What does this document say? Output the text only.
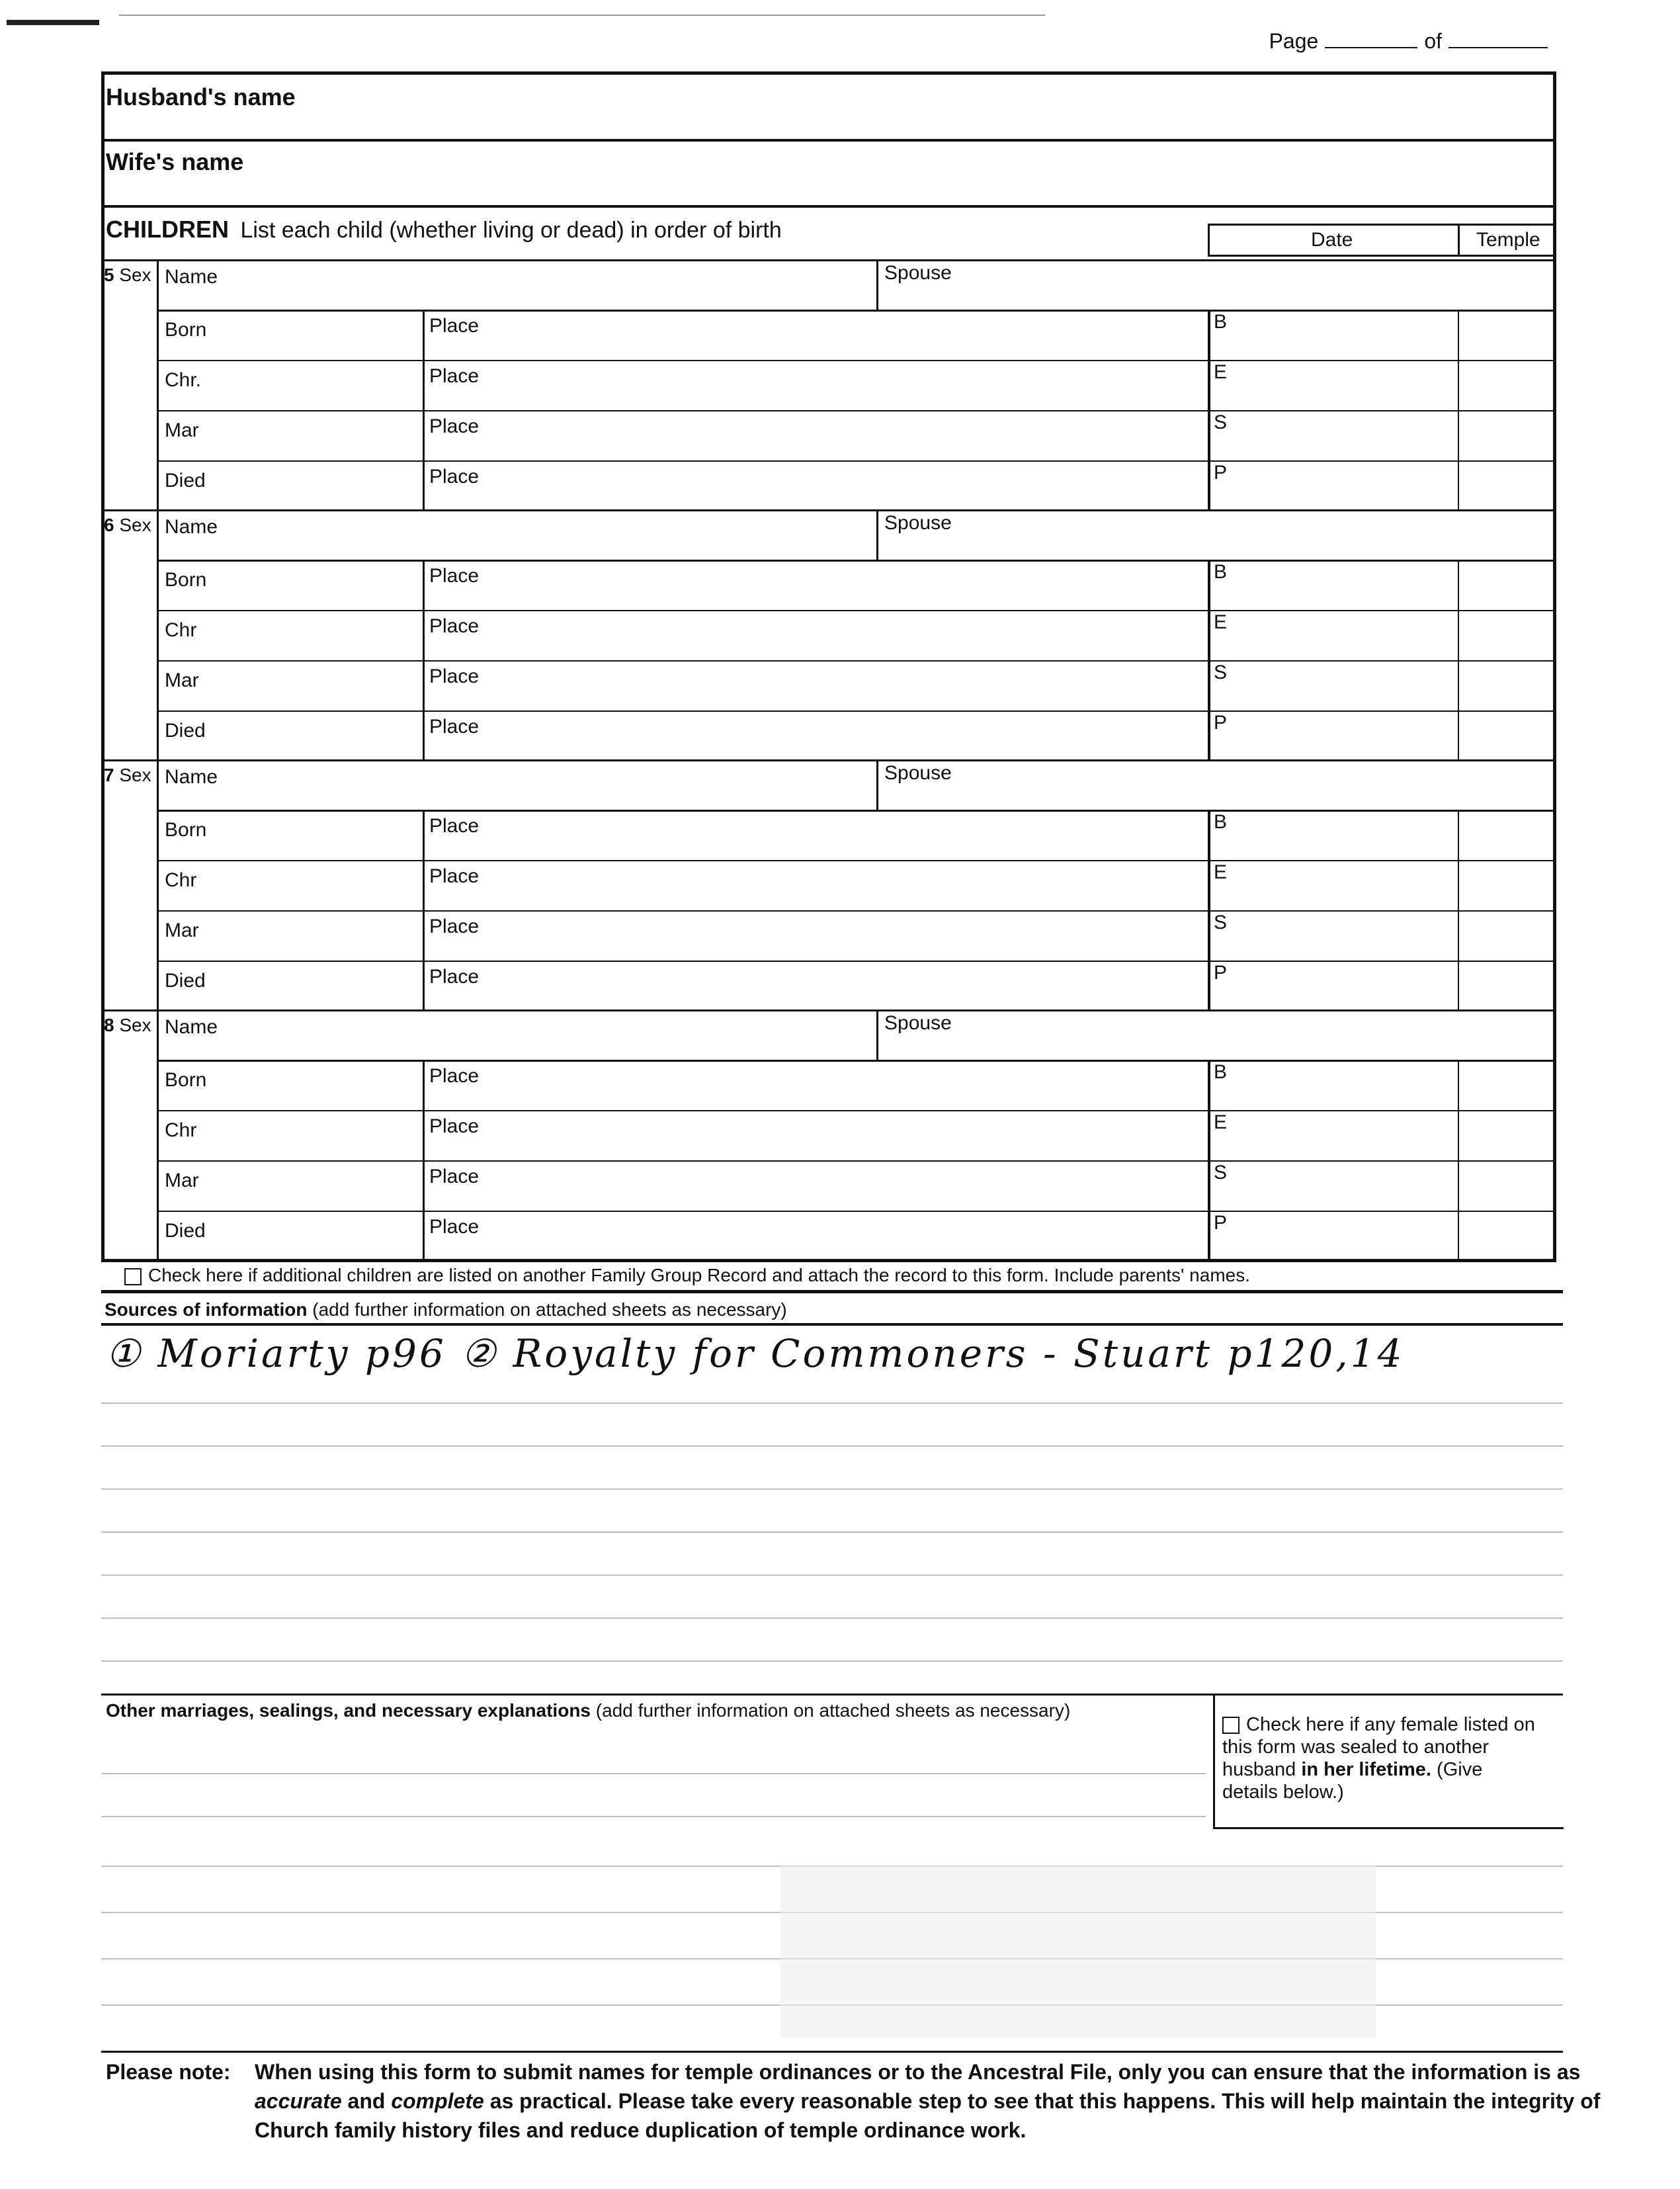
Page	of
Husband's name
Wife's name
CHILDREN List each child (whether living or dead) in order of birth	Date	Temple
5 Sex Name	Spouse
Born	Place	B
Chr.	Place	E
Mar	Place	S
Died	Place	P
6 Sex Name	Spouse
Born	Place	B
Chr	Place	E
Mar	Place	S
Died	Place	P
7 Sex Name	Spouse
Born	Place	B
Chr	Place	E
Mar	Place	S
Died	Place	P
8 Sex Name	Spouse
Born	Place	B
Chr	Place	E
Mar	Place	S
Died	Place	P
Check here if additional children are listed on another Family Group Record and attach the record to this form. Include parents' names.
Sources of information (add further information on attached sheets as necessary)
① Moriarty p96 ② Royalty for Commoners - Stuart p120,14
Other marriages, sealings, and necessary explanations (add further information on attached sheets as necessary)
Check here if any female listed on this form was sealed to another husband in her lifetime. (Give details below.)
Please note: When using this form to submit names for temple ordinances or to the Ancestral File, only you can ensure that the information is as accurate and complete as practical. Please take every reasonable step to see that this happens. This will help maintain the integrity of Church family history files and reduce duplication of temple ordinance work.
